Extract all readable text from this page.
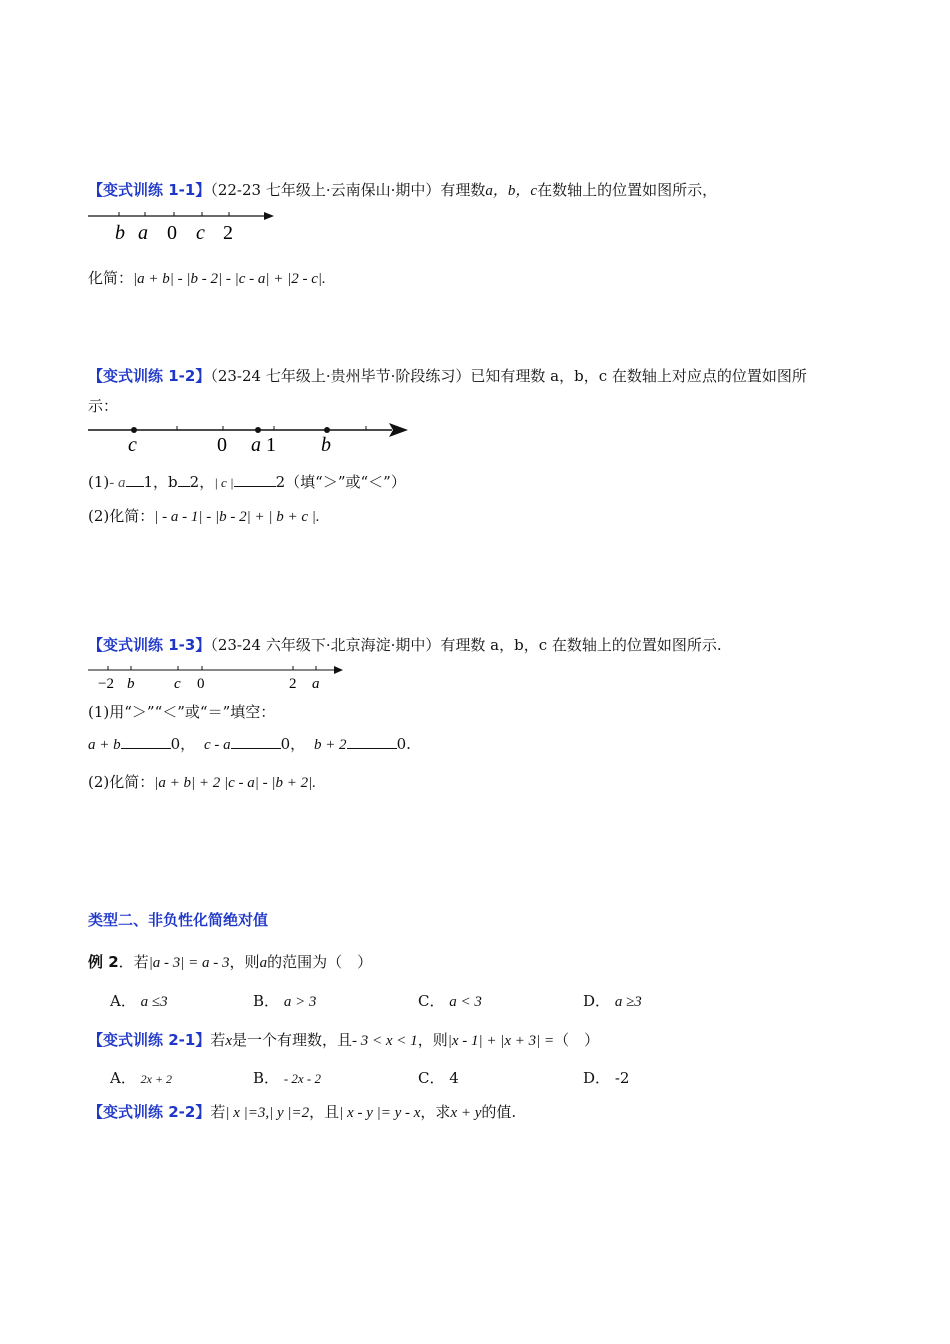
【变式训练 1-1】（22-23 七年级上·云南保山·期中）有理数a，b，c在数轴上的位置如图所示，
b a 0 c 2
化简：|a + b| - |b - 2| - |c - a| + |2 - c|.
【变式训练 1-2】（23-24 七年级上·贵州毕节·阶段练习）已知有理数 a，b，c 在数轴上对应点的位置如图所
示：
c	0 a 1 b
(1)- a 1，b 2，| c |	2（填“＞”或“＜”）
(2)化简：| - a - 1| - |b - 2| + | b + c |.
【变式训练 1-3】（23-24 六年级下·北京海淀·期中）有理数 a，b，c 在数轴上的位置如图所示.
−2 b	c 0	2 a
(1)用“＞”“＜”或“＝”填空：
a + b	0， c - a	0， b + 2	0.
(2)化简：|a + b| + 2 |c - a| - |b + 2|.
类型二、非负性化简绝对值
例 2．若|a - 3| = a - 3，则a的范围为（　）
A． a ≤3	B． a > 3	C． a < 3	D． a ≥3
【变式训练 2-1】若x是一个有理数，且- 3 < x < 1，则|x - 1| + |x + 3| =（　）
A． 2x + 2	B． - 2x - 2	C． 4	D． -2
【变式训练 2-2】若| x |=3,| y |=2，且| x - y |= y - x，求x + y的值.
